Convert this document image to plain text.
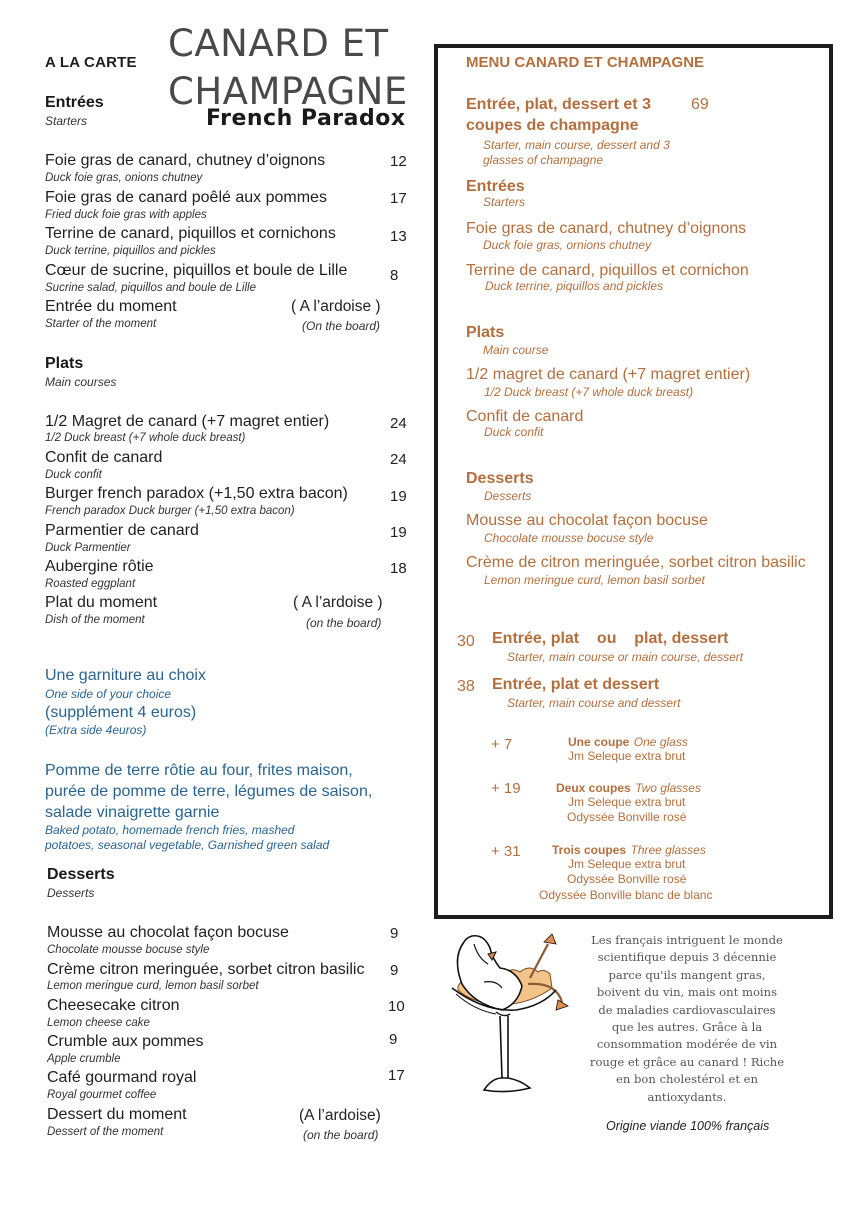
A LA CARTE CANARD ET
CHAMPAGNE
French Paradox
Entrées
Starters
Foie gras de canard, chutney d’oignons
Duck foie gras, onions chutney
12
Foie gras de canard poêlé aux pommes
Fried duck foie gras with apples
17
Terrine de canard, piquillos et cornichons
Duck terrine, piquillos and pickles
13
Cœur de sucrine, piquillos et boule de Lille
Sucrine salad, piquillos and boule de Lille
8
Entrée du moment
Starter of the moment
( A l’ardoise )
(On the board)
Plats
Main courses
1/2 Magret de canard (+7 magret entier)
1/2 Duck breast (+7 whole duck breast)
24
Confit de canard
Duck confit
24
Burger french paradox (+1,50 extra bacon)
French paradox Duck burger (+1,50 extra bacon)
19
Parmentier de canard
Duck Parmentier
19
Aubergine rôtie
Roasted eggplant
18
Plat du moment
Dish of the moment
( A l’ardoise )
(on the board)
Une garniture au choix
One side of your choice
(supplément 4 euros)
(Extra side 4euros)
Pomme de terre rôtie au four, frites maison,
purée de pomme de terre, légumes de saison,
salade vinaigrette garnie
Baked potato, homemade french fries, mashed
potatoes, seasonal vegetable, Garnished green salad
Desserts
Desserts
Mousse au chocolat façon bocuse
Chocolate mousse bocuse style
9
Crème citron meringuée, sorbet citron basilic
Lemon meringue curd, lemon basil sorbet
9
Cheesecake citron
Lemon cheese cake
10
Crumble aux pommes
Apple crumble
9
Café gourmand royal
Royal gourmet coffee
17
Dessert du moment
Dessert of the moment
(A l’ardoise)
(on the board)
MENU CANARD ET CHAMPAGNE
Entrée, plat, dessert et 3
coupes de champagne
69
Starter, main course, dessert and 3
glasses of champagne
Entrées
Starters
Foie gras de canard, chutney d’oignons
Duck foie gras, ornions chutney
Terrine de canard, piquillos et cornichon
Duck terrine, piquillos and pickles
Plats
Main course
1/2 magret de canard (+7 magret entier)
1/2 Duck breast (+7 whole duck breast)
Confit de canard
Duck confit
Desserts
Desserts
Mousse au chocolat façon bocuse
Chocolate mousse bocuse style
Crème de citron meringuée, sorbet citron basilic
Lemon meringue curd, lemon basil sorbet
30 Entrée, plat    ou    plat, dessert
Starter, main course or main course, dessert
38 Entrée, plat et dessert
Starter, main course and dessert
+ 7	Une coupe One glass
Jm Seleque extra brut
+ 19	Deux coupes Two glasses
Jm Seleque extra brut
Odyssée Bonville rosé
+ 31	Trois coupes Three glasses
Jm Seleque extra brut
Odyssée Bonville rosé
Odyssée Bonville blanc de blanc
Les français intriguent le monde scientifique depuis 3 décennie parce qu'ils mangent gras, boivent du vin, mais ont moins de maladies cardiovasculaires que les autres. Grâce à la consommation modérée de vin rouge et grâce au canard ! Riche en bon cholestérol et en antioxydants.
Origine viande 100% français
